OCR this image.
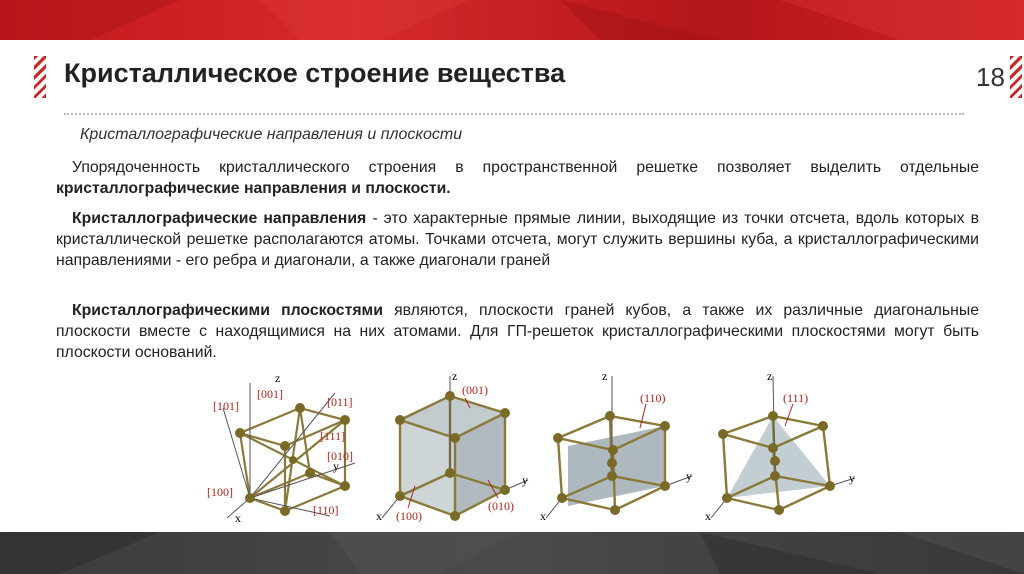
Кристаллическое строение вещества	18
Кристаллографические направления и плоскости

Упорядоченность кристаллического строения в пространственной решетке позволяет выделить отдельные кристаллографические направления и плоскости.

Кристаллографические направления - это характерные прямые линии, выходящие из точки отсчета, вдоль которых в кристаллической решетке располагаются атомы. Точками отсчета, могут служить вершины куба, а кристаллографическими направлениями - его ребра и диагонали, а также диагонали граней

Кристаллографическими плоскостями являются, плоскости граней кубов, а также их различные диагональные плоскости вместе с находящимися на них атомами. Для ГП-решеток кристаллографическими плоскостями могут быть плоскости оснований.

z
y
x
[101]
[001]
[011]
[111]
[010]
[100]
[110]
z
y
x
(001)
(100)
(010)
z
y
x
(110)
z
y
x
(111)
